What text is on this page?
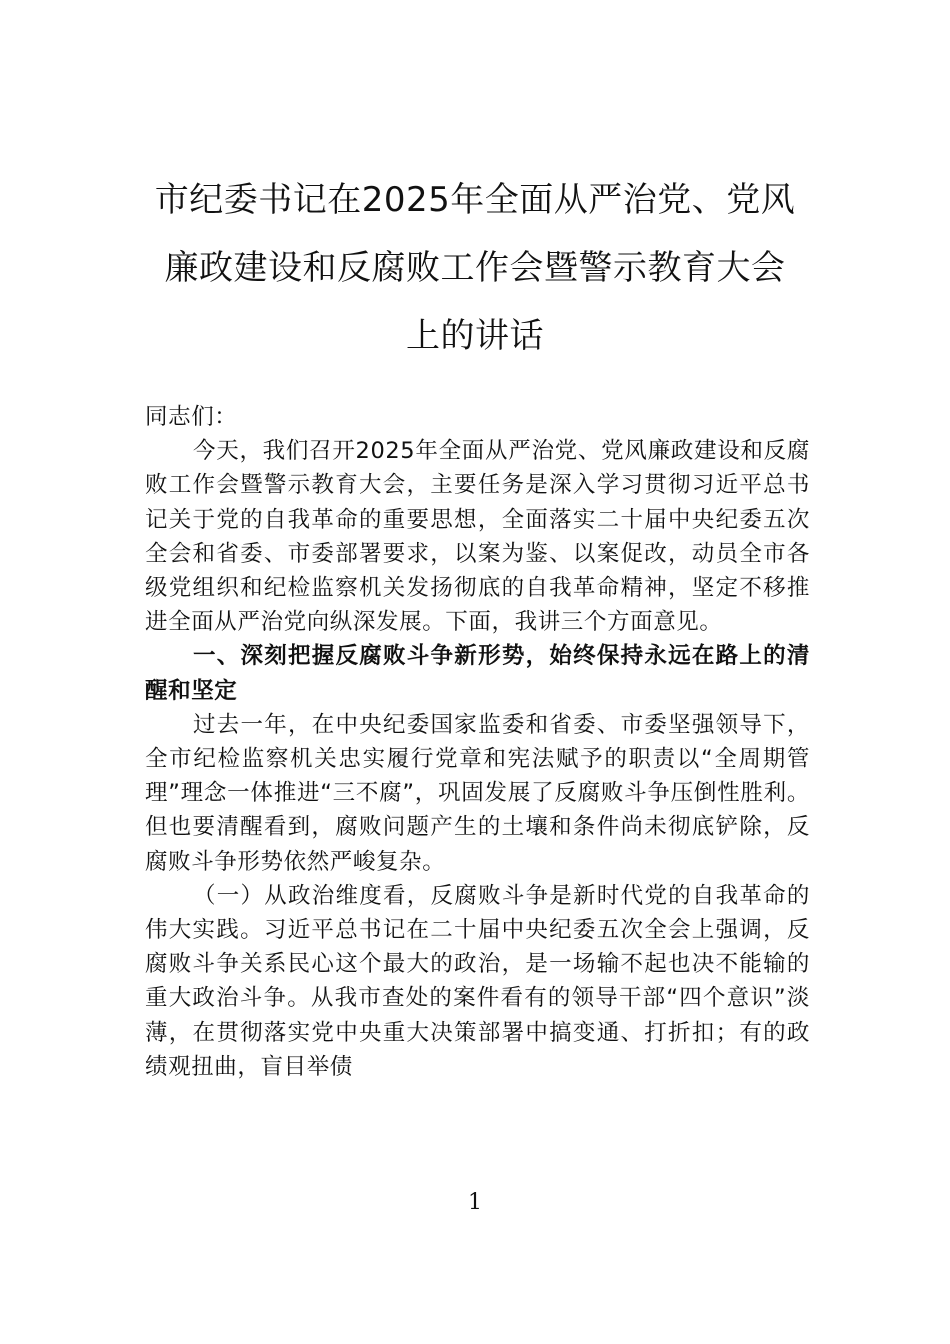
市纪委书记在2025年全面从严治党、党风
廉政建设和反腐败工作会暨警示教育大会
上的讲话

同志们：

今天，我们召开2025年全面从严治党、党风廉政建设和反腐败工作会暨警示教育大会，主要任务是深入学习贯彻习近平总书记关于党的自我革命的重要思想，全面落实二十届中央纪委五次全会和省委、市委部署要求，以案为鉴、以案促改，动员全市各级党组织和纪检监察机关发扬彻底的自我革命精神，坚定不移推进全面从严治党向纵深发展。下面，我讲三个方面意见。

一、深刻把握反腐败斗争新形势，始终保持永远在路上的清醒和坚定

过去一年，在中央纪委国家监委和省委、市委坚强领导下，全市纪检监察机关忠实履行党章和宪法赋予的职责以“全周期管理”理念一体推进“三不腐”，巩固发展了反腐败斗争压倒性胜利。但也要清醒看到，腐败问题产生的土壤和条件尚未彻底铲除，反腐败斗争形势依然严峻复杂。

（一）从政治维度看，反腐败斗争是新时代党的自我革命的伟大实践。习近平总书记在二十届中央纪委五次全会上强调，反腐败斗争关系民心这个最大的政治，是一场输不起也决不能输的重大政治斗争。从我市查处的案件看有的领导干部“四个意识”淡薄，在贯彻落实党中央重大决策部署中搞变通、打折扣；有的政绩观扭曲，盲目举债

1
